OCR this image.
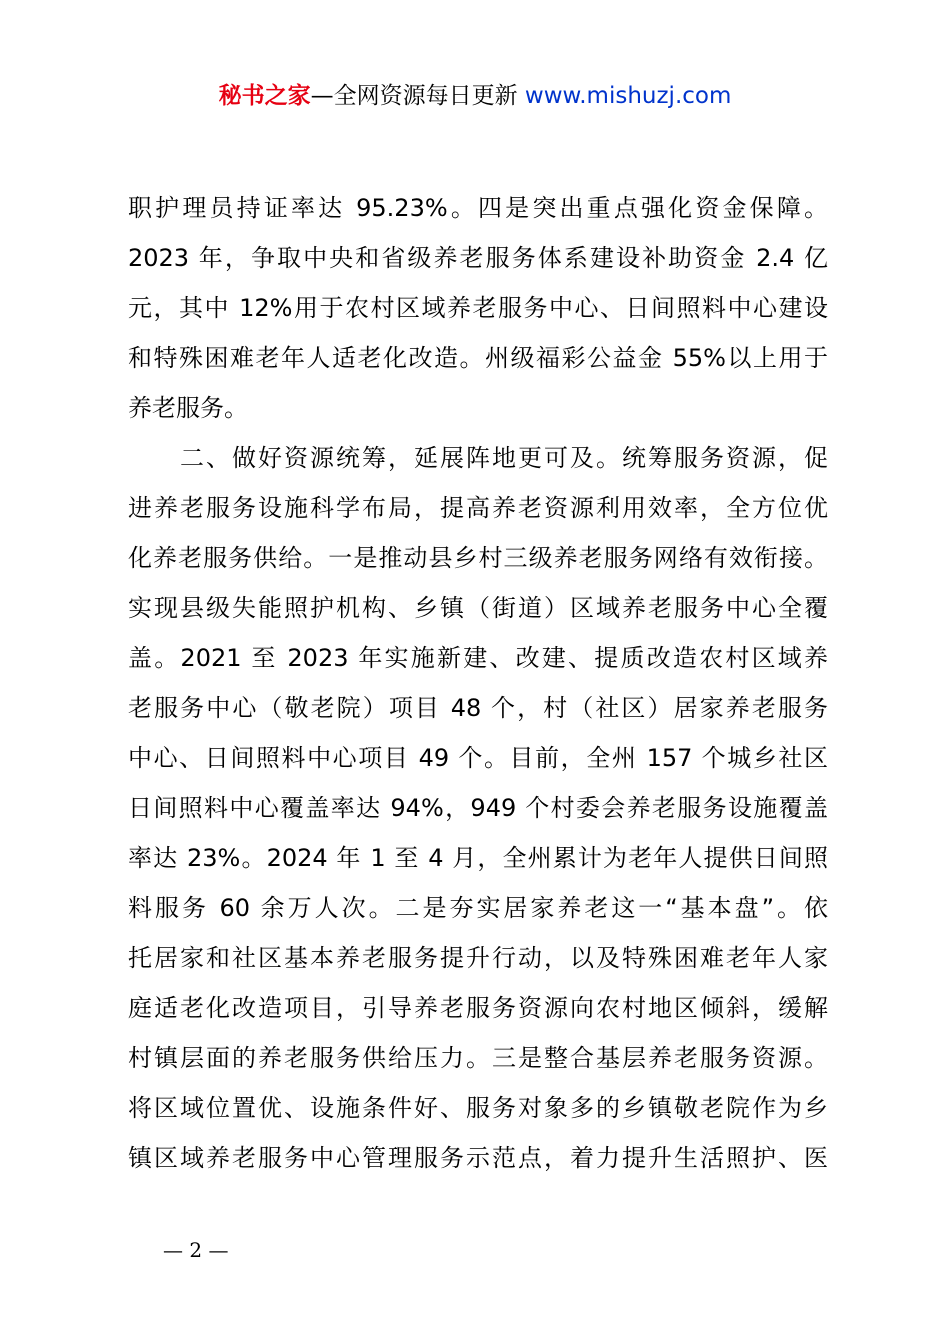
秘书之家—全网资源每日更新 www.mishuzj.com
职护理员持证率达 95.23%。四是突出重点强化资金保障。
2023 年，争取中央和省级养老服务体系建设补助资金 2.4 亿
元，其中 12%用于农村区域养老服务中心、日间照料中心建设
和特殊困难老年人适老化改造。州级福彩公益金 55%以上用于
养老服务。
　　二、做好资源统筹，延展阵地更可及。统筹服务资源，促
进养老服务设施科学布局，提高养老资源利用效率，全方位优
化养老服务供给。一是推动县乡村三级养老服务网络有效衔接。
实现县级失能照护机构、乡镇（街道）区域养老服务中心全覆
盖。2021 至 2023 年实施新建、改建、提质改造农村区域养
老服务中心（敬老院）项目 48 个，村（社区）居家养老服务
中心、日间照料中心项目 49 个。目前，全州 157 个城乡社区
日间照料中心覆盖率达 94%，949 个村委会养老服务设施覆盖
率达 23%。2024 年 1 至 4 月，全州累计为老年人提供日间照
料服务 60 余万人次。二是夯实居家养老这一“基本盘”。依
托居家和社区基本养老服务提升行动，以及特殊困难老年人家
庭适老化改造项目，引导养老服务资源向农村地区倾斜，缓解
村镇层面的养老服务供给压力。三是整合基层养老服务资源。
将区域位置优、设施条件好、服务对象多的乡镇敬老院作为乡
镇区域养老服务中心管理服务示范点，着力提升生活照护、医
— 2 —
